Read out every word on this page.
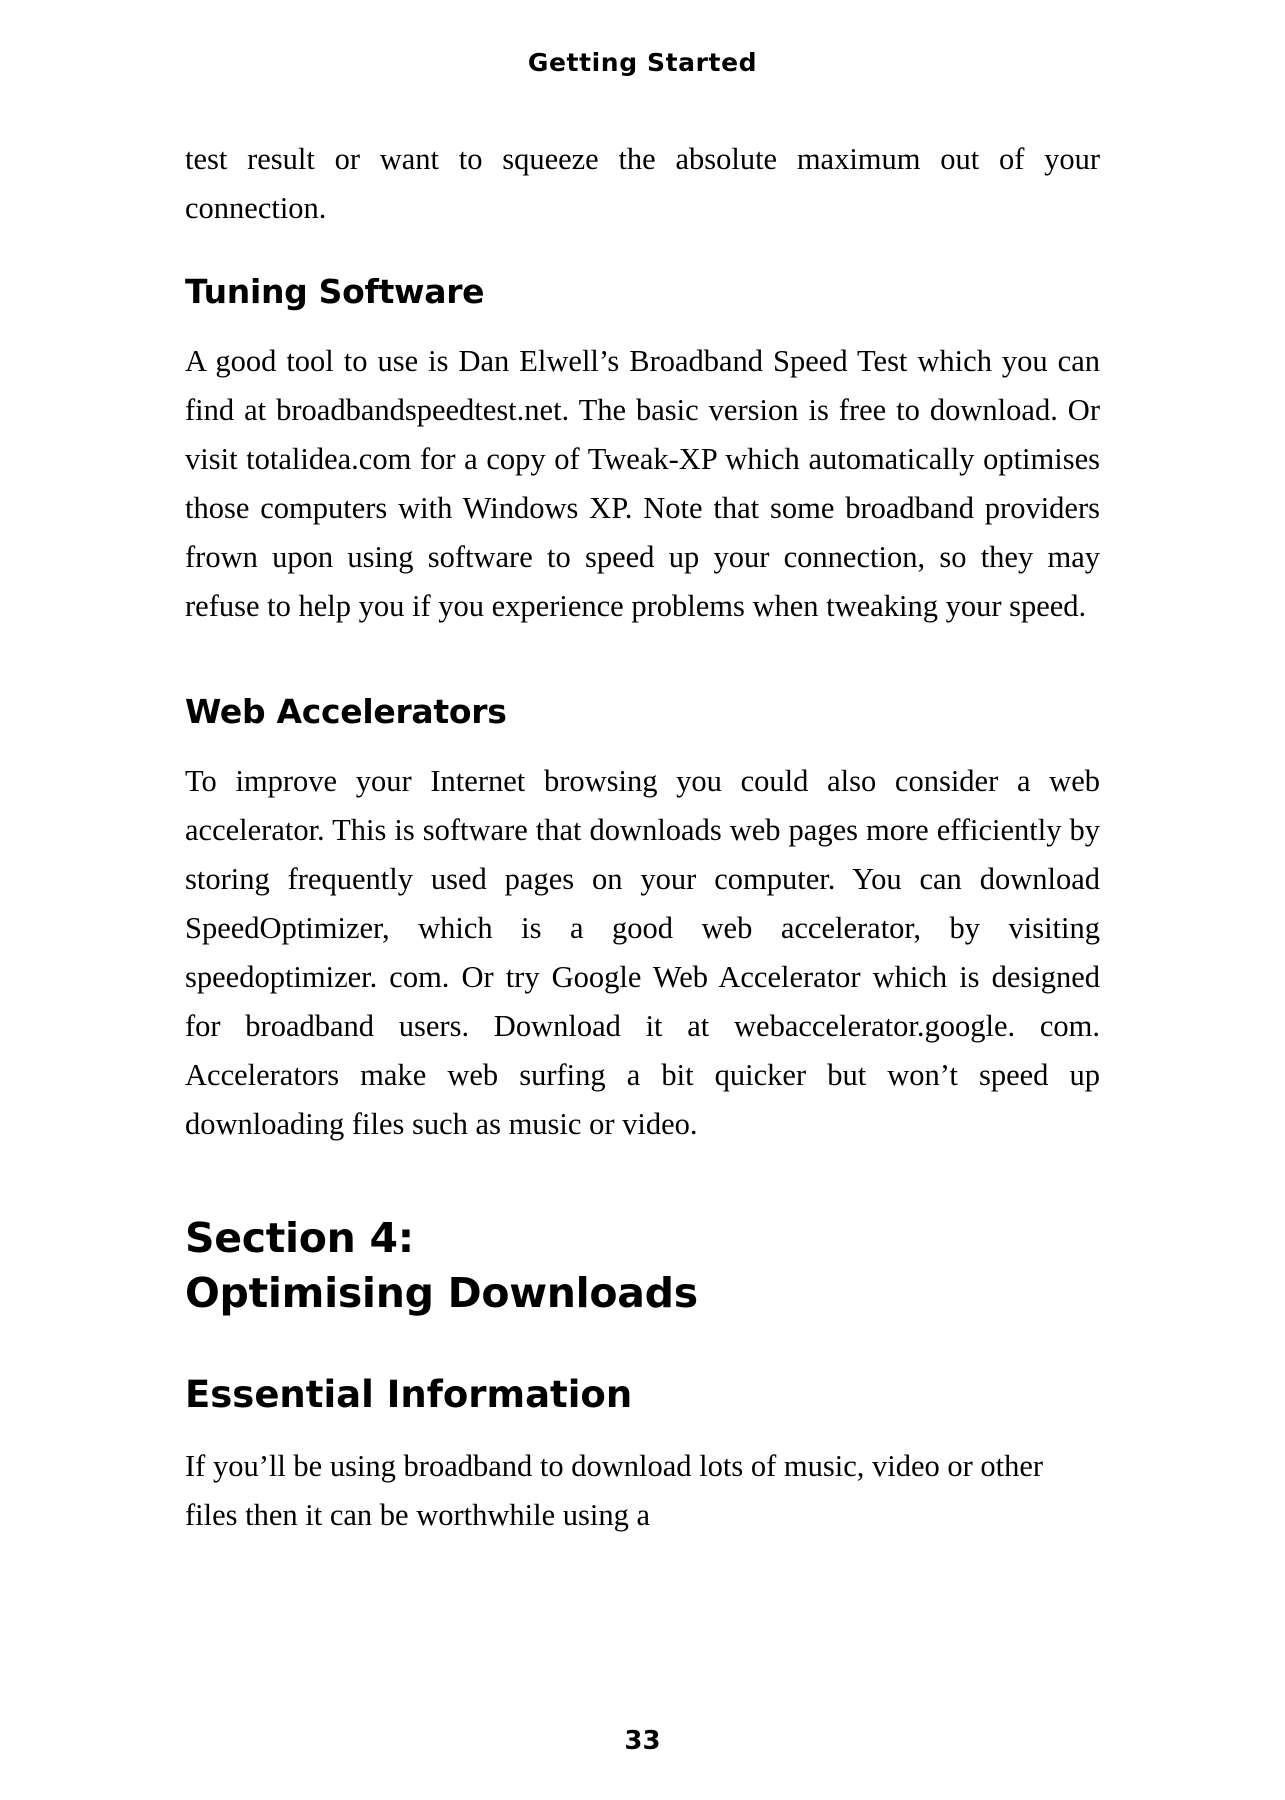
Getting Started

test result or want to squeeze the absolute maximum out of your connection.

Tuning Software

A good tool to use is Dan Elwell’s Broadband Speed Test which you can find at broadbandspeedtest.net. The basic version is free to download. Or visit totalidea.com for a copy of Tweak-XP which automatically optimises those computers with Windows XP. Note that some broadband providers frown upon using software to speed up your connection, so they may refuse to help you if you experience problems when tweaking your speed.

Web Accelerators

To improve your Internet browsing you could also consider a web accelerator. This is software that downloads web pages more efficiently by storing frequently used pages on your computer. You can download SpeedOptimizer, which is a good web accelerator, by visiting speedoptimizer. com. Or try Google Web Accelerator which is designed for broadband users. Download it at webaccelerator.google. com. Accelerators make web surfing a bit quicker but won’t speed up downloading files such as music or video.

Section 4:
Optimising Downloads
Essential Information

If you’ll be using broadband to download lots of music, video or other files then it can be worthwhile using a

33
